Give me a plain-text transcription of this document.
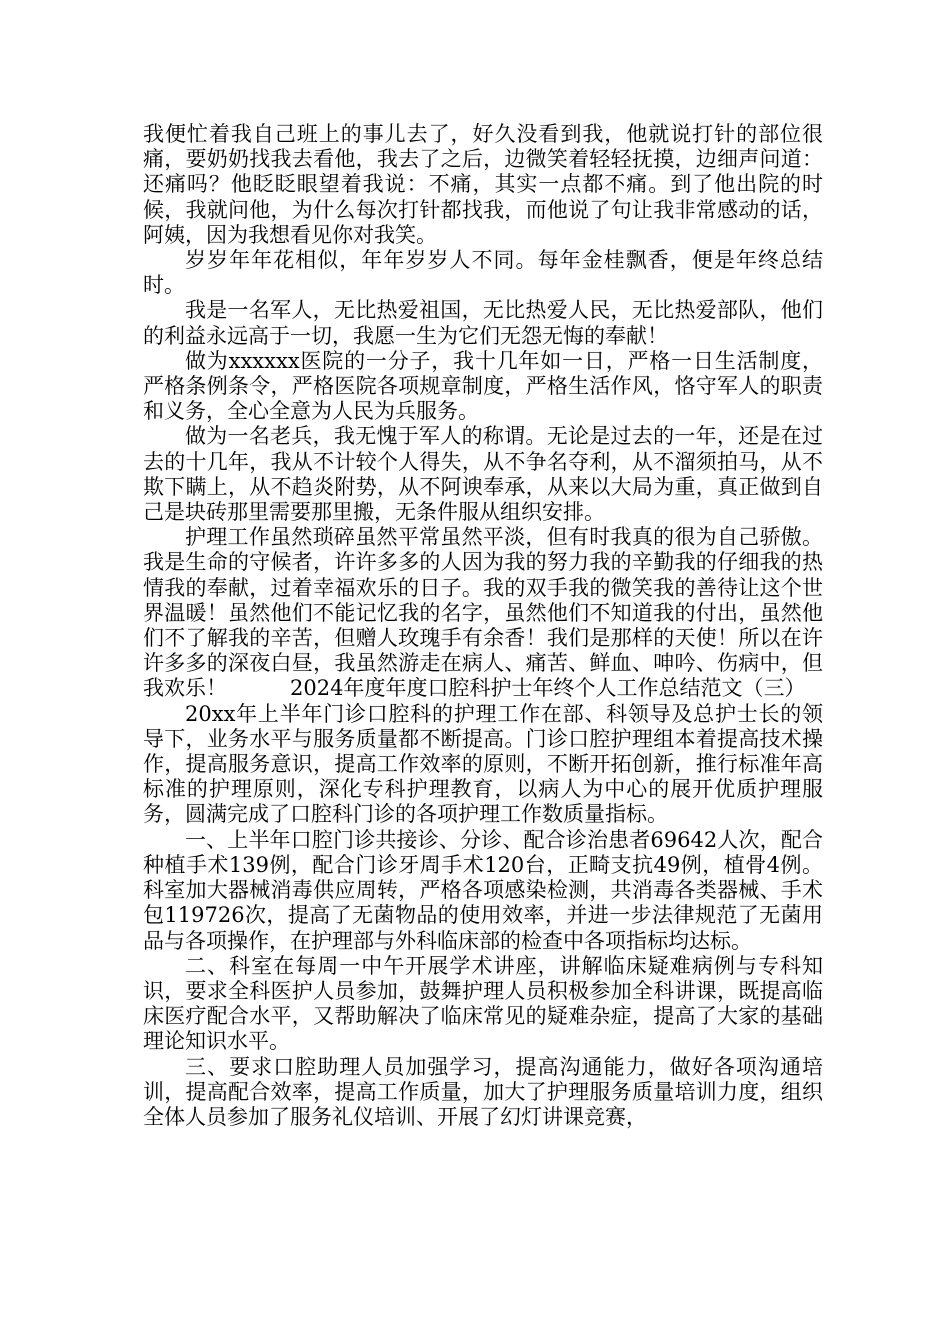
我便忙着我自己班上的事儿去了，好久没看到我，他就说打针的部位很痛，要奶奶找我去看他，我去了之后，边微笑着轻轻抚摸，边细声问道：还痛吗？他眨眨眼望着我说：不痛，其实一点都不痛。到了他出院的时候，我就问他，为什么每次打针都找我，而他说了句让我非常感动的话，阿姨，因为我想看见你对我笑。

岁岁年年花相似，年年岁岁人不同。每年金桂飘香，便是年终总结时。

我是一名军人，无比热爱祖国，无比热爱人民，无比热爱部队，他们的利益永远高于一切，我愿一生为它们无怨无悔的奉献！

做为xxxxxx医院的一分子，我十几年如一日，严格一日生活制度，严格条例条令，严格医院各项规章制度，严格生活作风，恪守军人的职责和义务，全心全意为人民为兵服务。

做为一名老兵，我无愧于军人的称谓。无论是过去的一年，还是在过去的十几年，我从不计较个人得失，从不争名夺利，从不溜须拍马，从不欺下瞒上，从不趋炎附势，从不阿谀奉承，从来以大局为重，真正做到自己是块砖那里需要那里搬，无条件服从组织安排。

护理工作虽然琐碎虽然平常虽然平淡，但有时我真的很为自己骄傲。我是生命的守候者，许许多多的人因为我的努力我的辛勤我的仔细我的热情我的奉献，过着幸福欢乐的日子。我的双手我的微笑我的善待让这个世界温暖！虽然他们不能记忆我的名字，虽然他们不知道我的付出，虽然他们不了解我的辛苦，但赠人玫瑰手有余香！我们是那样的天使！所以在许许多多的深夜白昼，我虽然游走在病人、痛苦、鲜血、呻吟、伤病中，但我欢乐！　　　2024年度年度口腔科护士年终个人工作总结范文（三）

20xx年上半年门诊口腔科的护理工作在部、科领导及总护士长的领导下，业务水平与服务质量都不断提高。门诊口腔护理组本着提高技术操作，提高服务意识，提高工作效率的原则，不断开拓创新，推行标准年高标准的护理原则，深化专科护理教育，以病人为中心的展开优质护理服务，圆满完成了口腔科门诊的各项护理工作数质量指标。

一、上半年口腔门诊共接诊、分诊、配合诊治患者69642人次，配合种植手术139例，配合门诊牙周手术120台，正畸支抗49例，植骨4例。科室加大器械消毒供应周转，严格各项感染检测，共消毒各类器械、手术包119726次，提高了无菌物品的使用效率，并进一步法律规范了无菌用品与各项操作，在护理部与外科临床部的检查中各项指标均达标。

二、科室在每周一中午开展学术讲座，讲解临床疑难病例与专科知识，要求全科医护人员参加，鼓舞护理人员积极参加全科讲课，既提高临床医疗配合水平，又帮助解决了临床常见的疑难杂症，提高了大家的基础理论知识水平。

三、要求口腔助理人员加强学习，提高沟通能力，做好各项沟通培训，提高配合效率，提高工作质量，加大了护理服务质量培训力度，组织全体人员参加了服务礼仪培训、开展了幻灯讲课竞赛，
